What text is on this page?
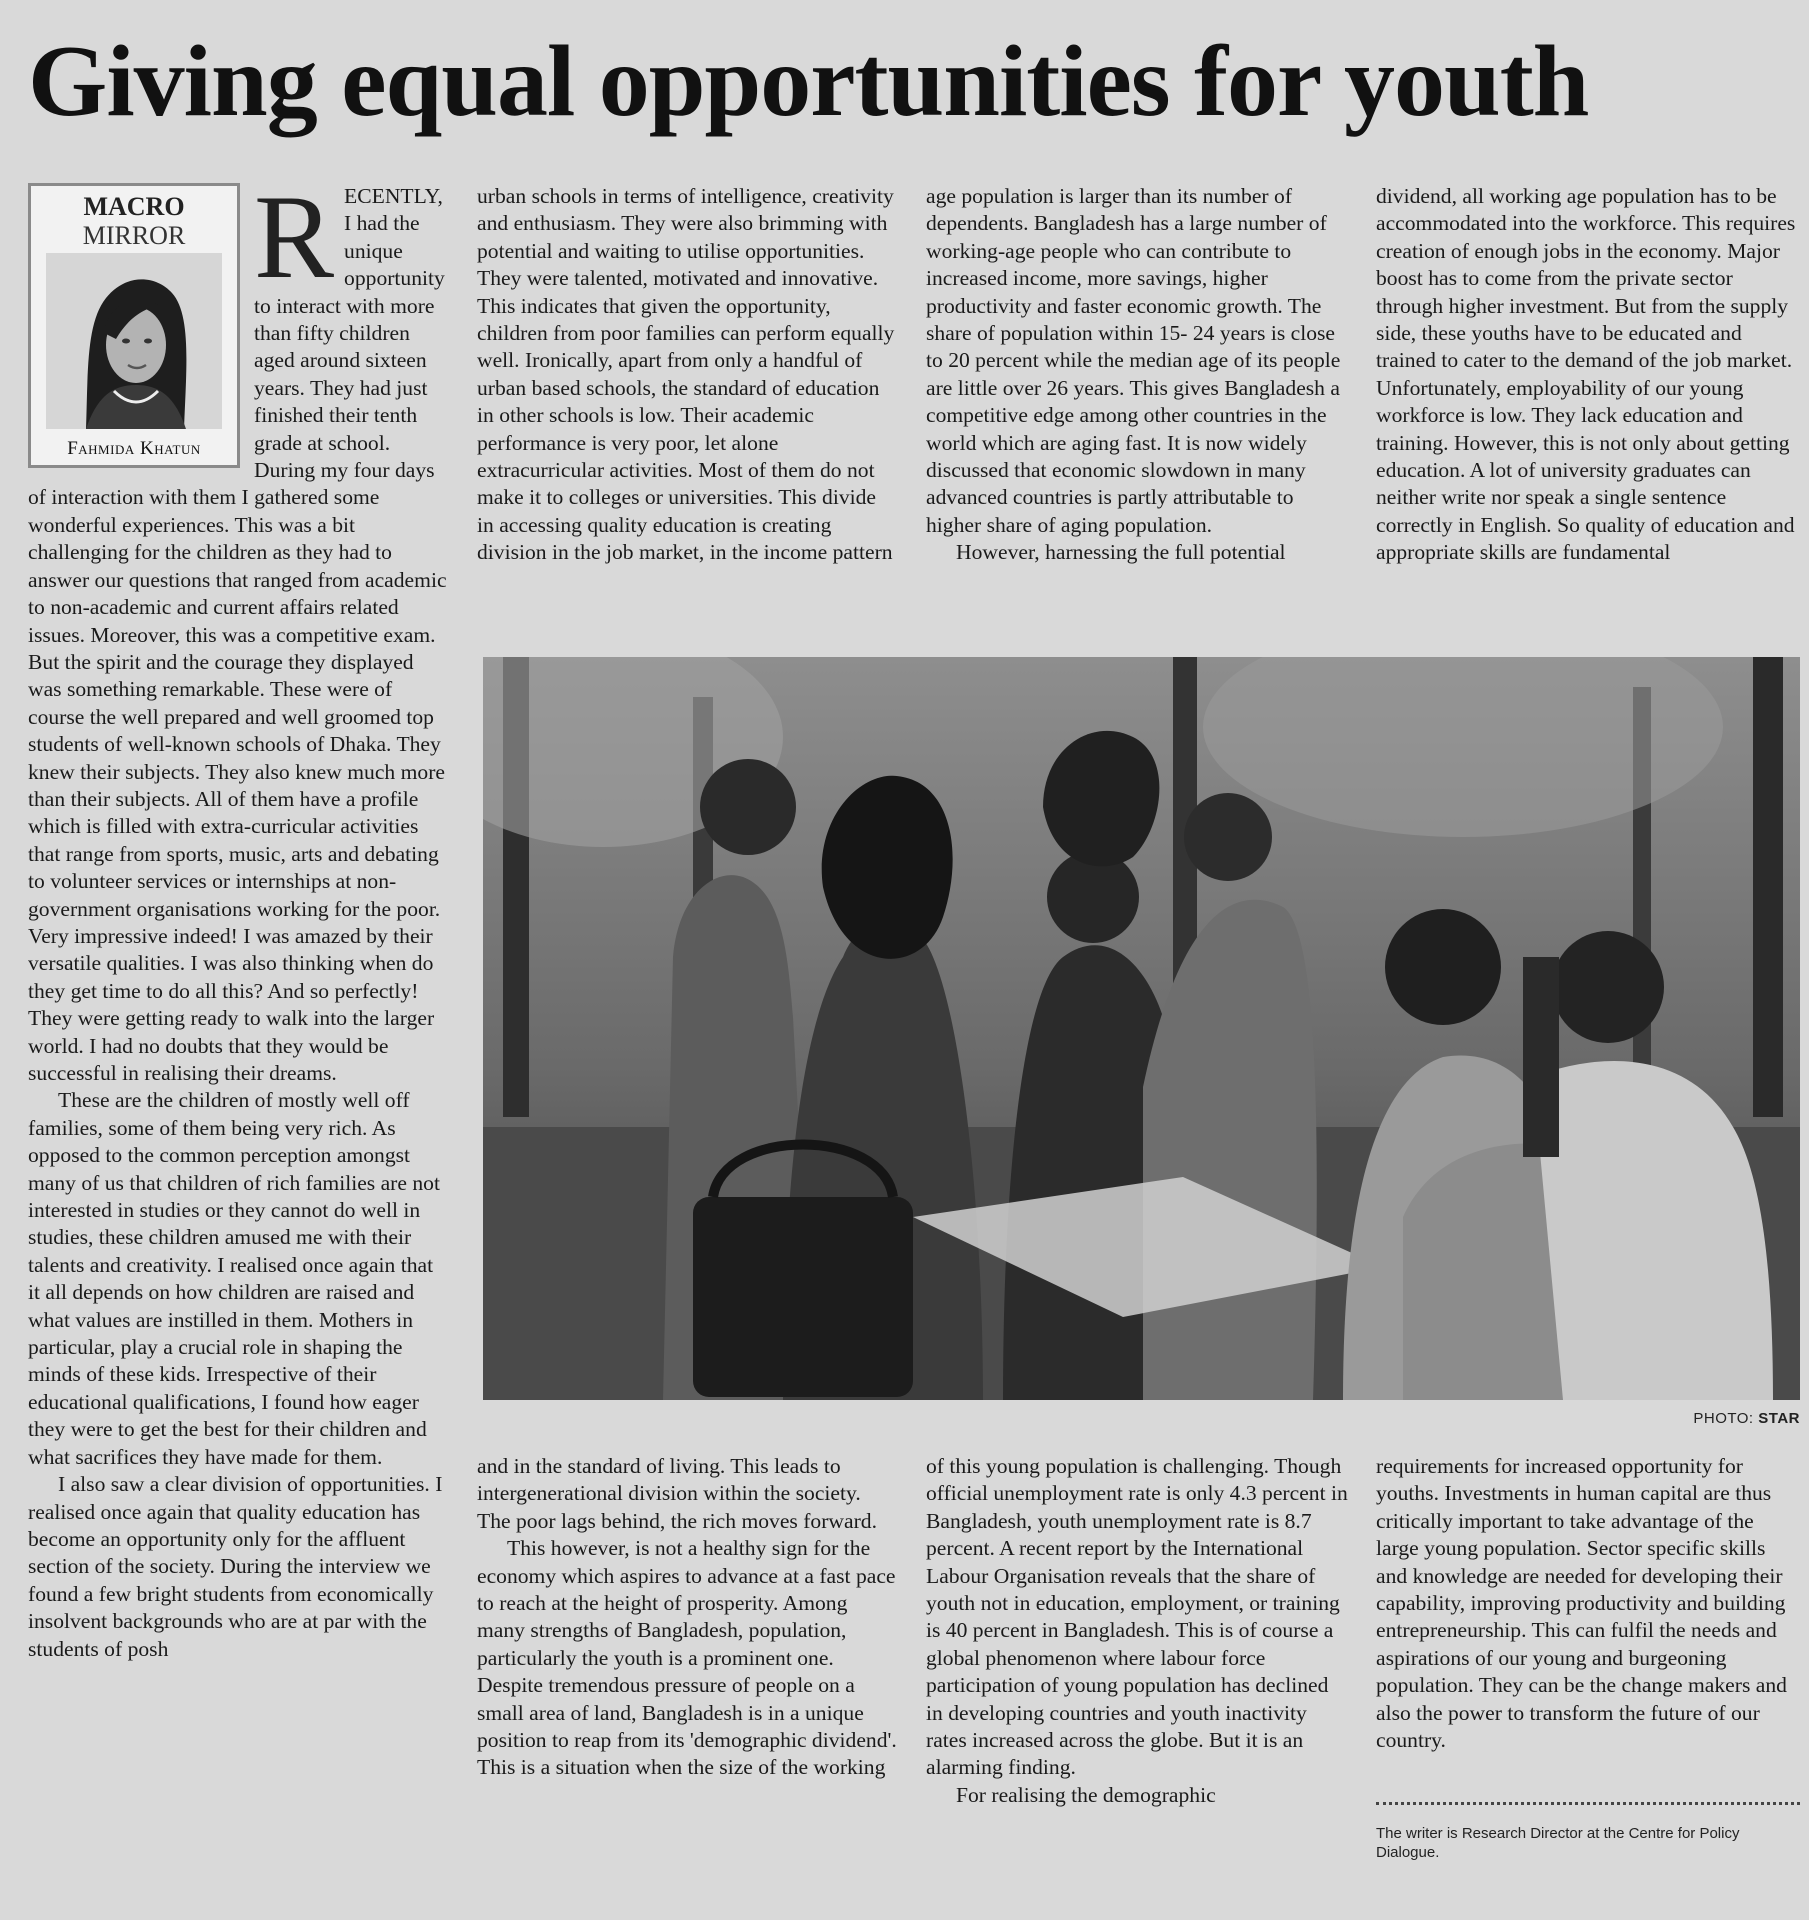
Giving equal opportunities for youth
MACRO
MIRROR
Fahmida Khatun
R ECENTLY, I had the unique opportunity to interact with more than fifty children aged around sixteen years. They had just finished their tenth grade at school. During my four days of interaction with them I gathered some wonderful experiences. This was a bit challenging for the children as they had to answer our questions that ranged from academic to non-academic and current affairs related issues. Moreover, this was a competitive exam. But the spirit and the courage they displayed was something remarkable. These were of course the well prepared and well groomed top students of well-known schools of Dhaka. They knew their subjects. They also knew much more than their subjects. All of them have a profile which is filled with extra-curricular activities that range from sports, music, arts and debating to volunteer services or internships at non-government organisations working for the poor. Very impressive indeed! I was amazed by their versatile qualities. I was also thinking when do they get time to do all this? And so perfectly! They were getting ready to walk into the larger world. I had no doubts that they would be successful in realising their dreams.

These are the children of mostly well off families, some of them being very rich. As opposed to the common perception amongst many of us that children of rich families are not interested in studies or they cannot do well in studies, these children amused me with their talents and creativity. I realised once again that it all depends on how children are raised and what values are instilled in them. Mothers in particular, play a crucial role in shaping the minds of these kids. Irrespective of their educational qualifications, I found how eager they were to get the best for their children and what sacrifices they have made for them.

I also saw a clear division of opportunities. I realised once again that quality education has become an opportunity only for the affluent section of the society. During the interview we found a few bright students from economically insolvent backgrounds who are at par with the students of posh

urban schools in terms of intelligence, creativity and enthusiasm. They were also brimming with potential and waiting to utilise opportunities. They were talented, motivated and innovative. This indicates that given the opportunity, children from poor families can perform equally well. Ironically, apart from only a handful of urban based schools, the standard of education in other schools is low. Their academic performance is very poor, let alone extracurricular activities. Most of them do not make it to colleges or universities. This divide in accessing quality education is creating division in the job market, in the income pattern

age population is larger than its number of dependents. Bangladesh has a large number of working-age people who can contribute to increased income, more savings, higher productivity and faster economic growth. The share of population within 15- 24 years is close to 20 percent while the median age of its people are little over 26 years. This gives Bangladesh a competitive edge among other countries in the world which are aging fast. It is now widely discussed that economic slowdown in many advanced countries is partly attributable to higher share of aging population.

However, harnessing the full potential

dividend, all working age population has to be accommodated into the workforce. This requires creation of enough jobs in the economy. Major boost has to come from the private sector through higher investment. But from the supply side, these youths have to be educated and trained to cater to the demand of the job market. Unfortunately, employability of our young workforce is low. They lack education and training. However, this is not only about getting education. A lot of university graduates can neither write nor speak a single sentence correctly in English. So quality of education and appropriate skills are fundamental

PHOTO: STAR

and in the standard of living. This leads to intergenerational division within the society. The poor lags behind, the rich moves forward.

This however, is not a healthy sign for the economy which aspires to advance at a fast pace to reach at the height of prosperity. Among many strengths of Bangladesh, population, particularly the youth is a prominent one. Despite tremendous pressure of people on a small area of land, Bangladesh is in a unique position to reap from its 'demographic dividend'. This is a situation when the size of the working

of this young population is challenging. Though official unemployment rate is only 4.3 percent in Bangladesh, youth unemployment rate is 8.7 percent. A recent report by the International Labour Organisation reveals that the share of youth not in education, employment, or training is 40 percent in Bangladesh. This is of course a global phenomenon where labour force participation of young population has declined in developing countries and youth inactivity rates increased across the globe. But it is an alarming finding.

For realising the demographic

requirements for increased opportunity for youths. Investments in human capital are thus critically important to take advantage of the large young population. Sector specific skills and knowledge are needed for developing their capability, improving productivity and building entrepreneurship. This can fulfil the needs and aspirations of our young and burgeoning population. They can be the change makers and also the power to transform the future of our country.

The writer is Research Director at the Centre for Policy Dialogue.
